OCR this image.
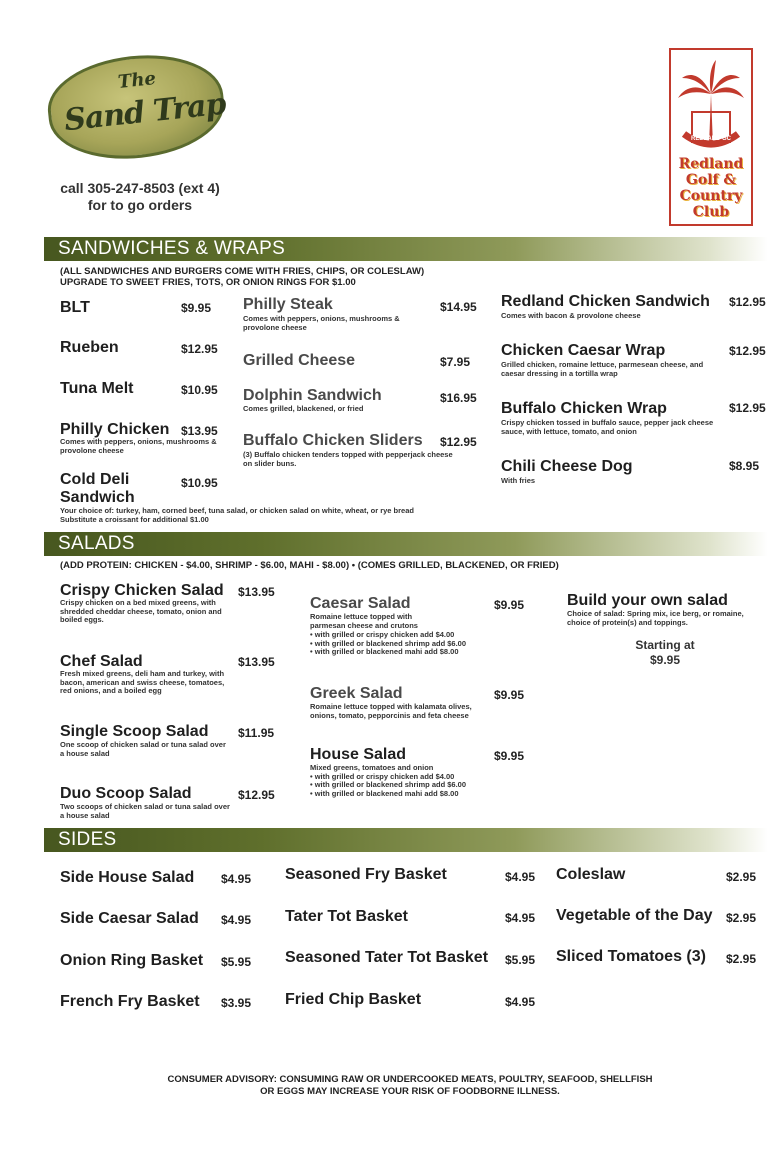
The
Sand Trap
call 305-247-8503 (ext 4)
for to go orders
REDLAND GC
Redland
Golf &
Country
Club
SANDWICHES & WRAPS
(ALL SANDWICHES AND BURGERS COME WITH FRIES, CHIPS, OR COLESLAW)
UPGRADE TO SWEET FRIES, TOTS, OR ONION RINGS FOR $1.00
BLT	$9.95
Rueben	$12.95
Tuna Melt	$10.95
Philly Chicken $13.95
Comes with peppers, onions, mushrooms & provolone cheese
Cold Deli Sandwich
$10.95
Your choice of: turkey, ham, corned beef, tuna salad, or chicken salad on white, wheat, or rye bread
Substitute a croissant for additional $1.00
Philly Steak	$14.95
Comes with peppers, onions, mushrooms & provolone cheese
Grilled Cheese	$7.95
Dolphin Sandwich	$16.95
Comes grilled, blackened, or fried
Buffalo Chicken Sliders $12.95
(3) Buffalo chicken tenders topped with pepperjack cheese on slider buns.
Redland Chicken Sandwich $12.95
Comes with bacon & provolone cheese
Chicken Caesar Wrap	$12.95
Grilled chicken, romaine lettuce, parmesean cheese, and caesar dressing in a tortilla wrap
Buffalo Chicken Wrap	$12.95
Crispy chicken tossed in buffalo sauce, pepper jack cheese sauce, with lettuce, tomato, and onion
Chili Cheese Dog	$8.95
With fries
SALADS
(ADD PROTEIN: CHICKEN - $4.00, SHRIMP - $6.00, MAHI - $8.00) • (COMES GRILLED, BLACKENED, OR FRIED)
Crispy Chicken Salad $13.95
Crispy chicken on a bed mixed greens, with shredded cheddar cheese, tomato, onion and boiled eggs.
Chef Salad	$13.95
Fresh mixed greens, deli ham and turkey, with bacon, american and swiss cheese, tomatoes, red onions, and a boiled egg
Single Scoop Salad $11.95
One scoop of chicken salad or tuna salad over a house salad
Duo Scoop Salad	$12.95
Two scoops of chicken salad or tuna salad over a house salad
Caesar Salad	$9.95
Romaine lettuce topped with parmesan cheese and crutons
• with grilled or crispy chicken add $4.00
• with grilled or blackened shrimp add $6.00
• with grilled or blackened mahi add $8.00
Greek Salad	$9.95
Romaine lettuce topped with kalamata olives, onions, tomato, pepporcinis and feta cheese
House Salad	$9.95
Mixed greens, tomatoes and onion
• with grilled or crispy chicken add $4.00
• with grilled or blackened shrimp add $6.00
• with grilled or blackened mahi add $8.00
Build your own salad
Choice of salad: Spring mix, ice berg, or romaine, choice of protein(s) and toppings.
Starting at
$9.95
SIDES
Side House Salad $4.95
Side Caesar Salad $4.95
Onion Ring Basket $5.95
French Fry Basket $3.95
Seasoned Fry Basket	$4.95
Tater Tot Basket	$4.95
Seasoned Tater Tot Basket $5.95
Fried Chip Basket	$4.95
Coleslaw	$2.95
Vegetable of the Day $2.95
Sliced Tomatoes (3) $2.95
CONSUMER ADVISORY: CONSUMING RAW OR UNDERCOOKED MEATS, POULTRY, SEAFOOD, SHELLFISH
OR EGGS MAY INCREASE YOUR RISK OF FOODBORNE ILLNESS.
